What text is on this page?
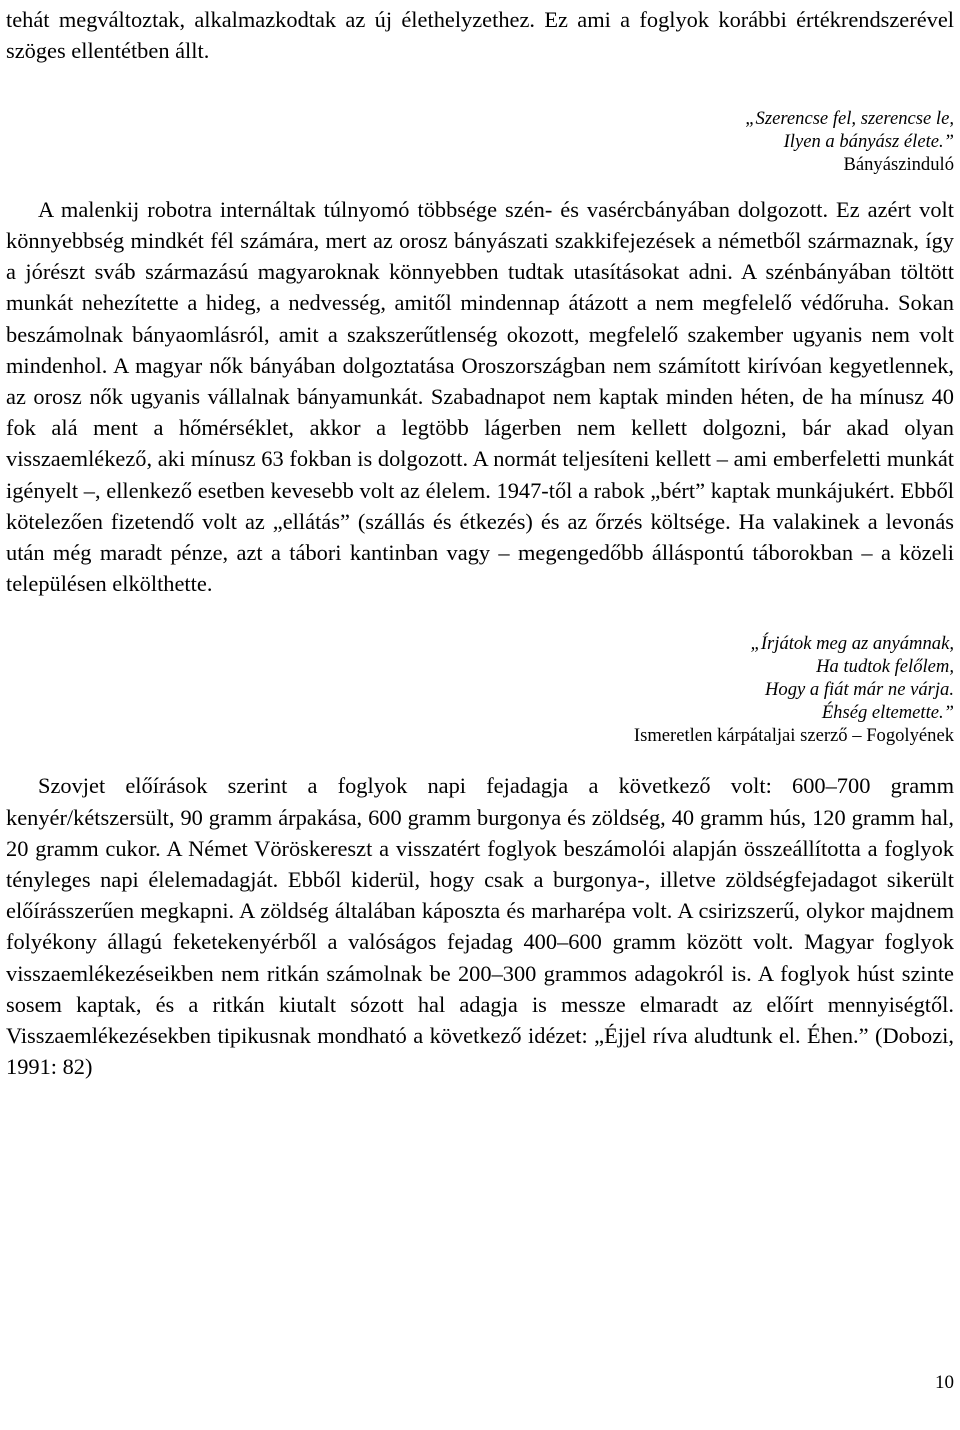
tehát megváltoztak, alkalmazkodtak az új élethelyzethez. Ez ami a foglyok korábbi értékrendszerével szöges ellentétben állt.

„Szerencse fel, szerencse le,
Ilyen a bányász élete.”
Bányászinduló

A malenkij robotra internáltak túlnyomó többsége szén- és vasércbányában dolgozott. Ez azért volt könnyebbség mindkét fél számára, mert az orosz bányászati szakkifejezések a németből származnak, így a jórészt sváb származású magyaroknak könnyebben tudtak utasításokat adni. A szénbányában töltött munkát nehezítette a hideg, a nedvesség, amitől mindennap átázott a nem megfelelő védőruha. Sokan beszámolnak bányaomlásról, amit a szakszerűtlenség okozott, megfelelő szakember ugyanis nem volt mindenhol. A magyar nők bányában dolgoztatása Oroszországban nem számított kirívóan kegyetlennek, az orosz nők ugyanis vállalnak bányamunkát. Szabadnapot nem kaptak minden héten, de ha mínusz 40 fok alá ment a hőmérséklet, akkor a legtöbb lágerben nem kellett dolgozni, bár akad olyan visszaemlékező, aki mínusz 63 fokban is dolgozott. A normát teljesíteni kellett – ami emberfeletti munkát igényelt –, ellenkező esetben kevesebb volt az élelem. 1947-től a rabok „bért” kaptak munkájukért. Ebből kötelezően fizetendő volt az „ellátás” (szállás és étkezés) és az őrzés költsége. Ha valakinek a levonás után még maradt pénze, azt a tábori kantinban vagy – megengedőbb álláspontú táborokban – a közeli településen elkölthette.

„Írjátok meg az anyámnak,
Ha tudtok felőlem,
Hogy a fiát már ne várja.
Éhség eltemette.”
Ismeretlen kárpátaljai szerző – Fogolyének

Szovjet előírások szerint a foglyok napi fejadagja a következő volt: 600–700 gramm kenyér/kétszersült, 90 gramm árpakása, 600 gramm burgonya és zöldség, 40 gramm hús, 120 gramm hal, 20 gramm cukor. A Német Vöröskereszt a visszatért foglyok beszámolói alapján összeállította a foglyok tényleges napi élelemadagját. Ebből kiderül, hogy csak a burgonya-, illetve zöldségfejadagot sikerült előírásszerűen megkapni. A zöldség általában káposzta és marharépa volt. A csirizszerű, olykor majdnem folyékony állagú feketekenyérből a valóságos fejadag 400–600 gramm között volt. Magyar foglyok visszaemlékezéseikben nem ritkán számolnak be 200–300 grammos adagokról is. A foglyok húst szinte sosem kaptak, és a ritkán kiutalt sózott hal adagja is messze elmaradt az előírt mennyiségtől. Visszaemlékezésekben tipikusnak mondható a következő idézet: „Éjjel ríva aludtunk el. Éhen.” (Dobozi, 1991: 82)

10
